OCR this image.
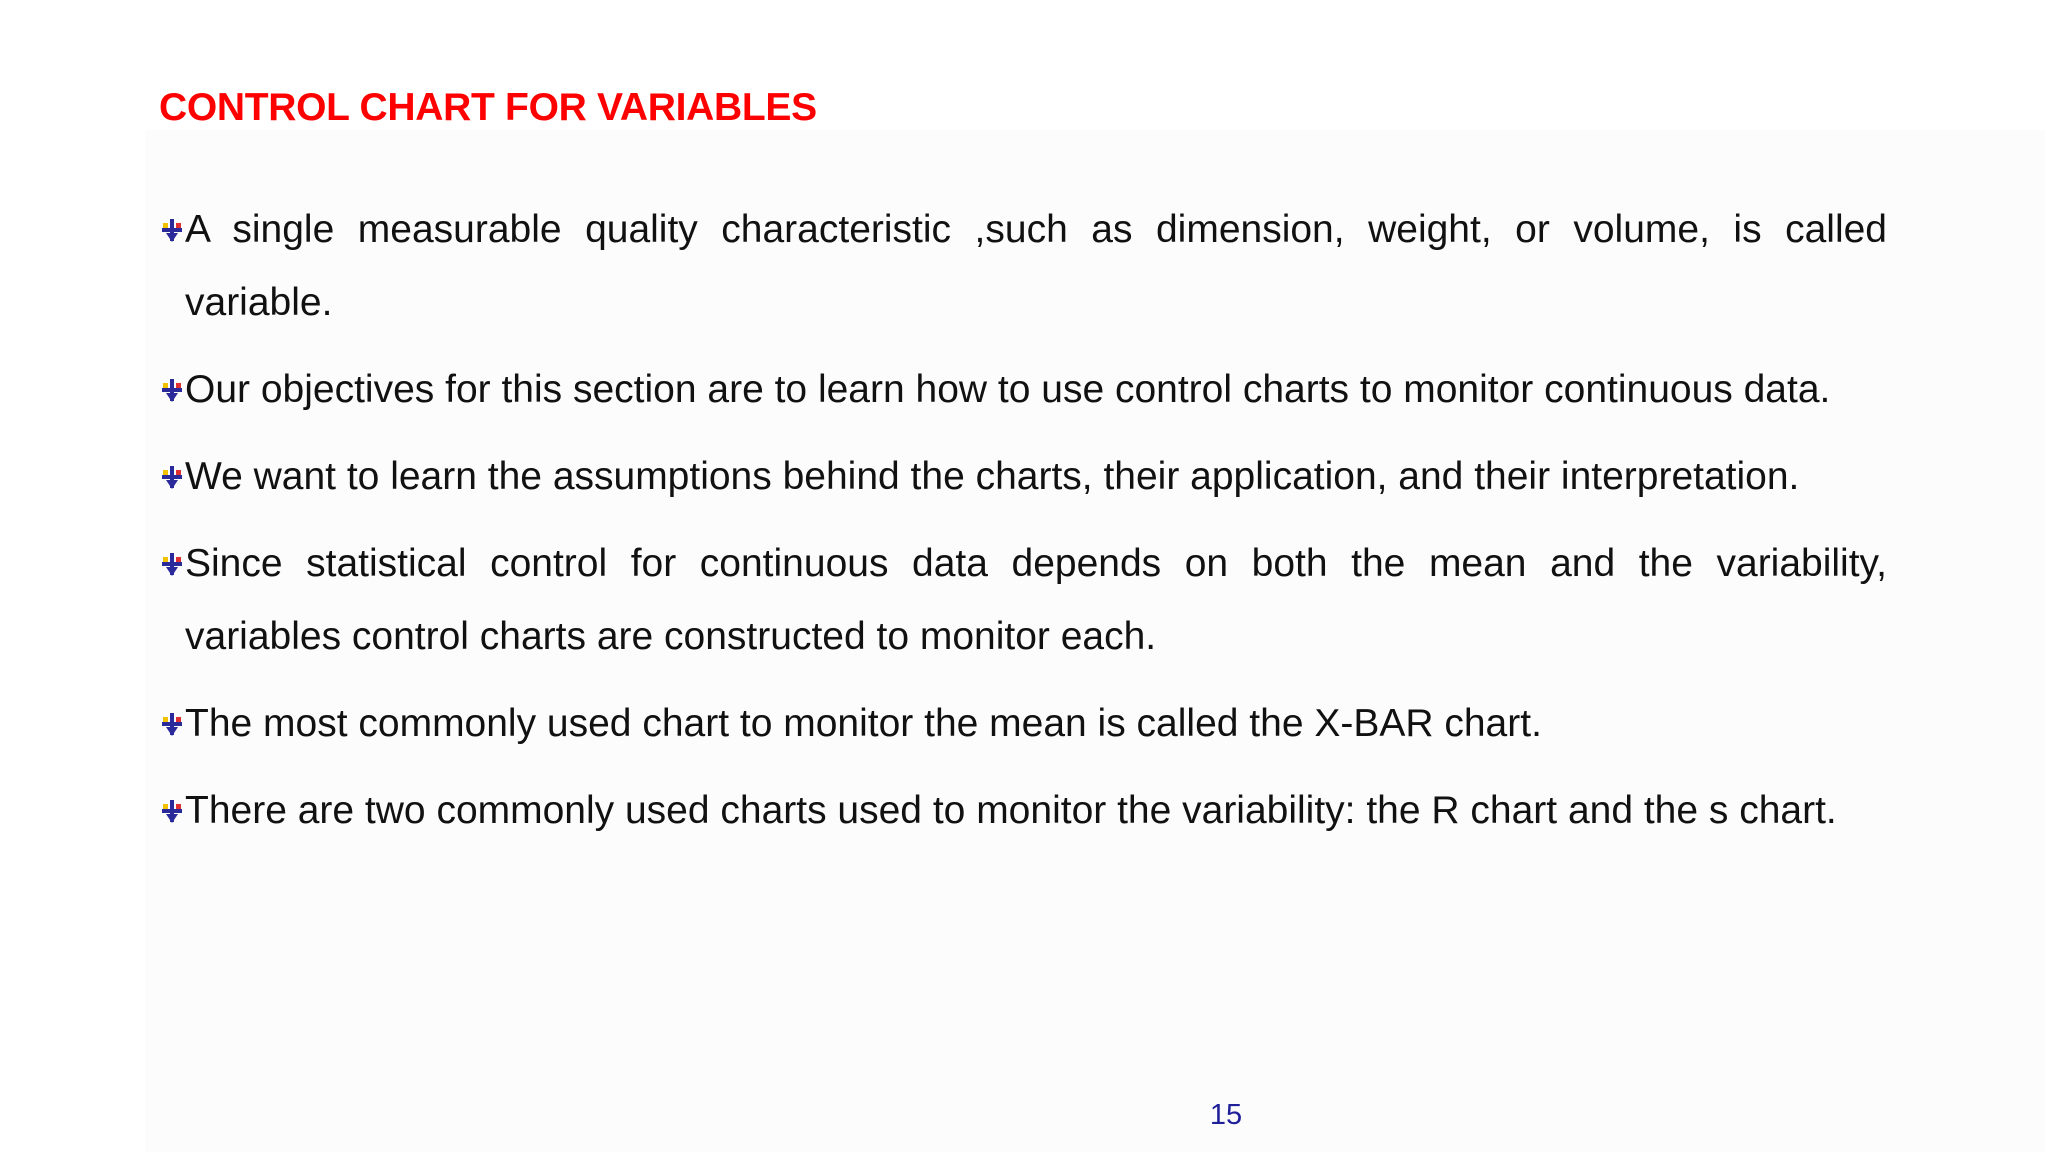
CONTROL CHART FOR VARIABLES
A single measurable quality characteristic ,such as dimension, weight, or volume, is called variable.
Our objectives for this section are to learn how to use control charts to monitor continuous data.
We want to learn the assumptions behind the charts, their application, and their interpretation.
Since statistical control for continuous data depends on both the mean and the variability, variables control charts are constructed to monitor each.
The most commonly used chart to monitor the mean is called the X-BAR chart.
There are two commonly used charts used to monitor the variability: the R chart and the s chart.
15
